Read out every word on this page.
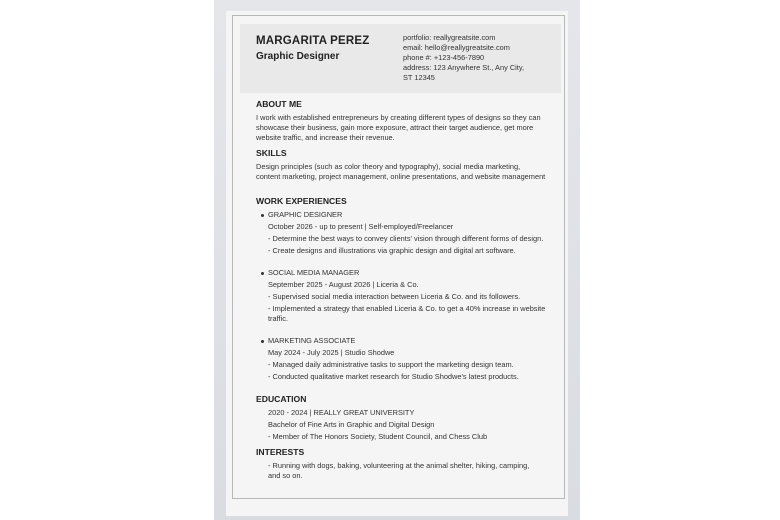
MARGARITA PEREZ
Graphic Designer
portfolio: reallygreatsite.com
email: hello@reallygreatsite.com
phone #: +123-456-7890
address: 123 Anywhere St., Any City,
ST 12345
ABOUT ME

I work with established entrepreneurs by creating different types of designs so they can showcase their business, gain more exposure, attract their target audience, get more website traffic, and increase their revenue.

SKILLS

Design principles (such as color theory and typography), social media marketing, content marketing, project management, online presentations, and website management

WORK EXPERIENCES
GRAPHIC DESIGNER
October 2026 - up to present | Self-employed/Freelancer
- Determine the best ways to convey clients' vision through different forms of design.
- Create designs and illustrations via graphic design and digital art software.
SOCIAL MEDIA MANAGER
September 2025 - August 2026 | Liceria & Co.
- Supervised social media interaction between Liceria & Co. and its followers.
- Implemented a strategy that enabled Liceria & Co. to get a 40% increase in website traffic.
MARKETING ASSOCIATE
May 2024 - July 2025 | Studio Shodwe
- Managed daily administrative tasks to support the marketing design team.
- Conducted qualitative market research for Studio Shodwe's latest products.
EDUCATION
2020 - 2024 | REALLY GREAT UNIVERSITY
Bachelor of Fine Arts in Graphic and Digital Design
- Member of The Honors Society, Student Council, and Chess Club
INTERESTS
- Running with dogs, baking, volunteering at the animal shelter, hiking, camping, and so on.
